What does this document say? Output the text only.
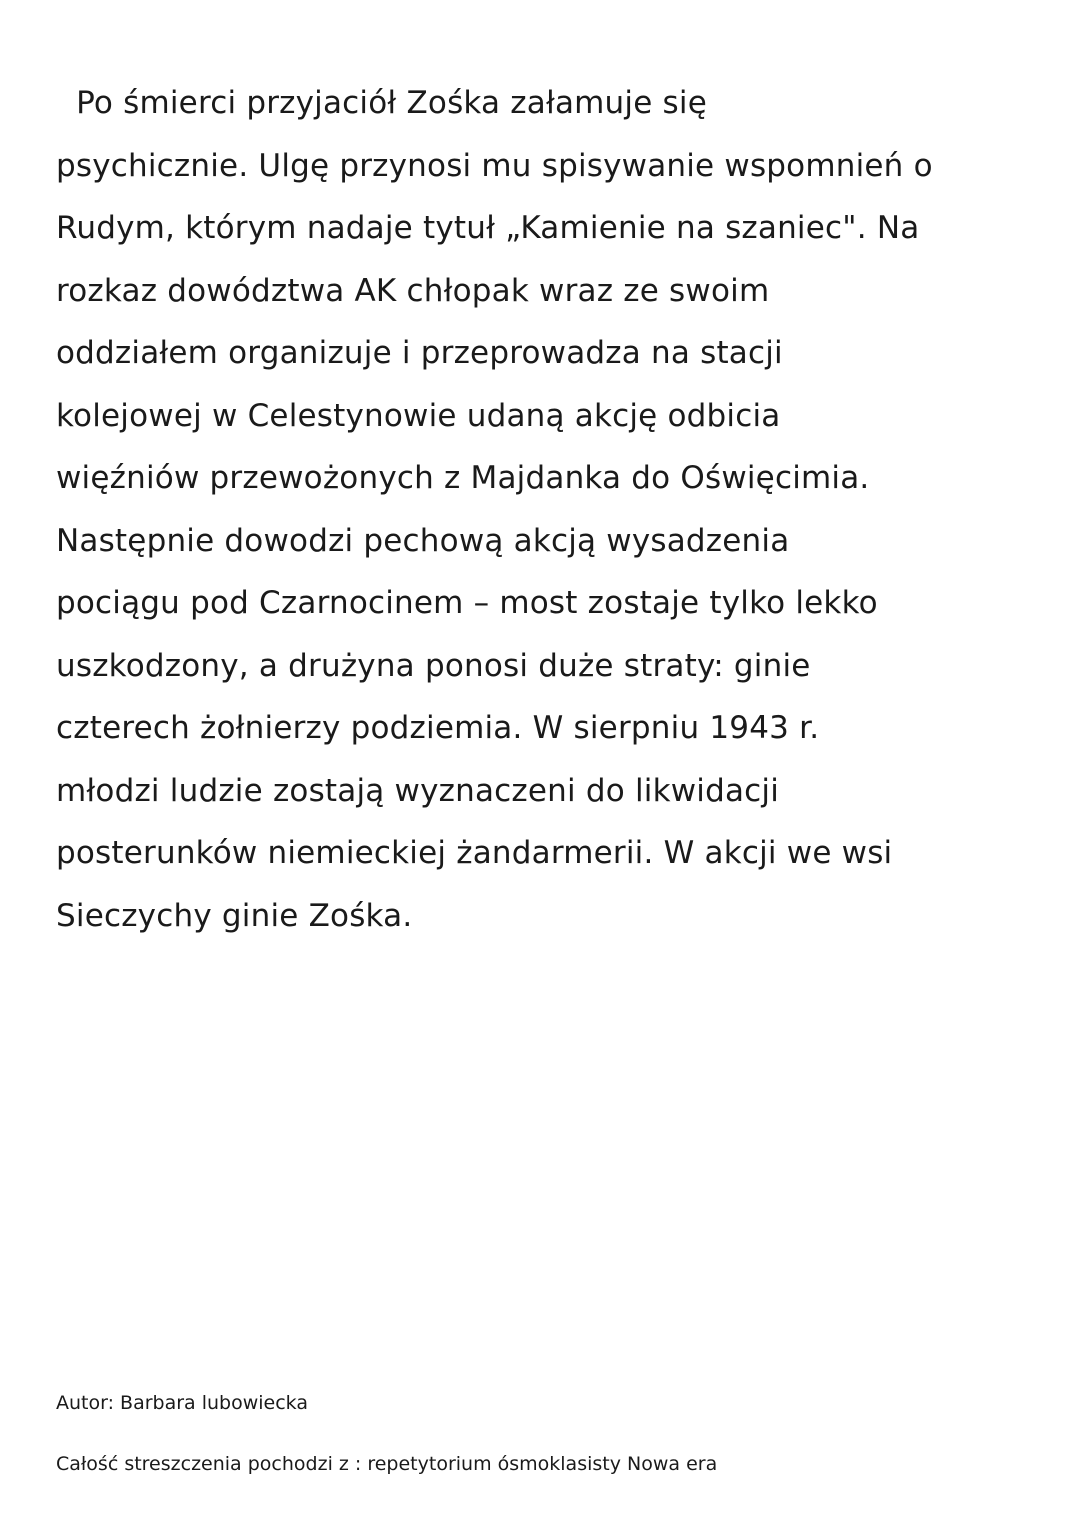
Po śmierci przyjaciół Zośka załamuje się
psychicznie. Ulgę przynosi mu spisywanie wspomnień o
Rudym, którym nadaje tytuł „Kamienie na szaniec". Na
rozkaz dowództwa AK chłopak wraz ze swoim
oddziałem organizuje i przeprowadza na stacji
kolejowej w Celestynowie udaną akcję odbicia
więźniów przewożonych z Majdanka do Oświęcimia.
Następnie dowodzi pechową akcją wysadzenia
pociągu pod Czarnocinem – most zostaje tylko lekko
uszkodzony, a drużyna ponosi duże straty: ginie
czterech żołnierzy podziemia. W sierpniu 1943 r.
młodzi ludzie zostają wyznaczeni do likwidacji
posterunków niemieckiej żandarmerii. W akcji we wsi
Sieczychy ginie Zośka.
Autor: Barbara lubowiecka
Całość streszczenia pochodzi z : repetytorium ósmoklasisty Nowa era
